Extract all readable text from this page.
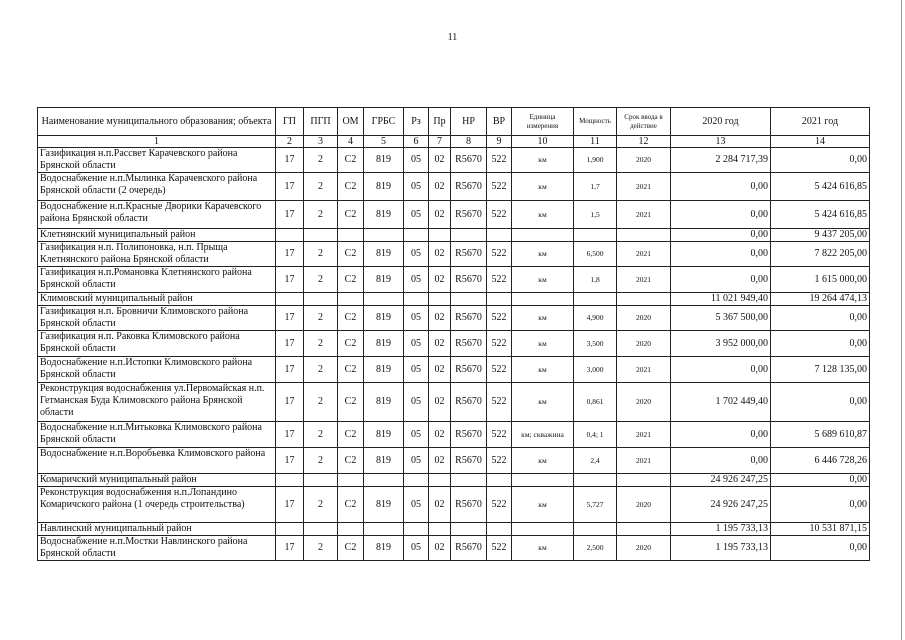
11
Наименование муниципального образования; объекта	ГП	ПГП	ОМ	ГРБС	Рз	Пр	НР	ВР	Единица измерения	Мощность	Срок ввода в действие	2020 год	2021 год
1	2	3	4	5	6	7	8	9	10	11	12	13	14
Газификация н.п.Рассвет Карачевского района Брянской области	17	2	С2	819	05	02	R5670	522	км	1,900	2020	2 284 717,39	0,00
Водоснабжение н.п.Мылинка Карачевского района Брянской области (2 очередь)	17	2	С2	819	05	02	R5670	522	км	1,7	2021	0,00	5 424 616,85
Водоснабжение н.п.Красные Дворики Карачевского района Брянской области	17	2	С2	819	05	02	R5670	522	км	1,5	2021	0,00	5 424 616,85
Клетнянский муниципальный район												0,00	9 437 205,00
Газификация н.п. Полипоновка, н.п. Прыща Клетнянского района Брянской области	17	2	С2	819	05	02	R5670	522	км	6,500	2021	0,00	7 822 205,00
Газификация н.п.Романовка Клетнянского района Брянской области	17	2	С2	819	05	02	R5670	522	км	1,8	2021	0,00	1 615 000,00
Климовский муниципальный район												11 021 949,40	19 264 474,13
Газификация н.п. Бровничи Климовского района Брянской области	17	2	С2	819	05	02	R5670	522	км	4,900	2020	5 367 500,00	0,00
Газификация н.п. Раковка Климовского района Брянской области	17	2	С2	819	05	02	R5670	522	км	3,500	2020	3 952 000,00	0,00
Водоснабжение н.п.Истопки Климовского района Брянской области	17	2	С2	819	05	02	R5670	522	км	3,000	2021	0,00	7 128 135,00
Реконструкция водоснабжения ул.Первомайская н.п. Гетманская Буда Климовского района Брянской области	17	2	С2	819	05	02	R5670	522	км	0,861	2020	1 702 449,40	0,00
Водоснабжение н.п.Митьковка Климовского района Брянской области	17	2	С2	819	05	02	R5670	522	км; скважина	0,4; 1	2021	0,00	5 689 610,87
Водоснабжение н.п.Воробьевка Климовского района	17	2	С2	819	05	02	R5670	522	км	2,4	2021	0,00	6 446 728,26
Комаричский муниципальный район												24 926 247,25	0,00
Реконструкция водоснабжения н.п.Лопандино Комаричского района (1 очередь строительства)	17	2	С2	819	05	02	R5670	522	км	5,727	2020	24 926 247,25	0,00
Навлинский муниципальный район												1 195 733,13	10 531 871,15
Водоснабжение н.п.Мостки Навлинского района Брянской области	17	2	С2	819	05	02	R5670	522	км	2,500	2020	1 195 733,13	0,00
